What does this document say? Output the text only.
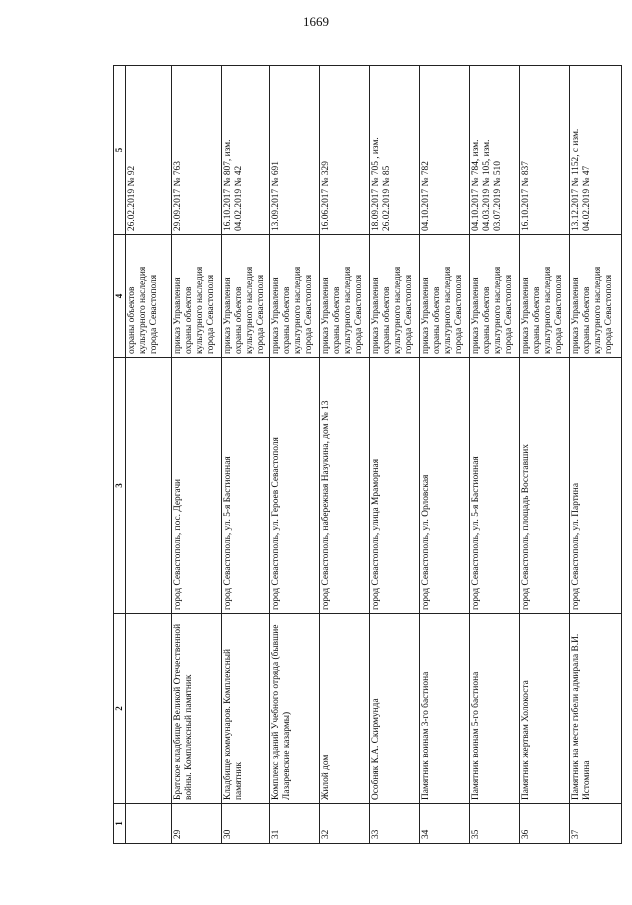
1669
1	2	3	4	5
			охраны объектов
культурного наследия
города Севастополя	26.02.2019 № 92
29	Братское кладбище Великой Отечественной войны. Комплексный памятник	город Севастополь, пос. Дергачи	приказ Управления
охраны объектов
культурного наследия
города Севастополя	29.09.2017 № 763
30	Кладбище коммунаров. Комплексный памятник	город Севастополь, ул. 5-я Бастионная	приказ Управления
охраны объектов
культурного наследия
города Севастополя	16.10.2017 № 807, изм.
04.02.2019 № 42
31	Комплекс зданий Учебного отряда (бывшие Лазаревские казармы)	город Севастополь, ул. Героев Севастополя	приказ Управления
охраны объектов
культурного наследия
города Севастополя	13.09.2017 № 691
32	Жилой дом	город Севастополь, набережная Назукина, дом № 13	приказ Управления
охраны объектов
культурного наследия
города Севастополя	16.06.2017 № 329
33	Особняк К.А. Скирмунда	город Севастополь, улица Мраморная	приказ Управления
охраны объектов
культурного наследия
города Севастополя	18.09.2017 № 705 , изм.
26.02.2019 № 85
34	Памятник воинам 3-го бастиона	город Севастополь, ул. Орловская	приказ Управления
охраны объектов
культурного наследия
города Севастополя	04.10.2017 № 782
35	Памятник воинам 5-го бастиона	город Севастополь, ул. 5-я Бастионная	приказ Управления
охраны объектов
культурного наследия
города Севастополя	04.10.2017 № 784, изм.
04.03.2019 № 105, изм.
03.07.2019 № 510
36	Памятник жертвам Холокоста	город Севастополь, площадь Восставших	приказ Управления
охраны объектов
культурного наследия
города Севастополя	16.10.2017 № 837
37	Памятник на месте гибели адмирала В.И. Истомина	город Севастополь, ул. Партина	приказ Управления
охраны объектов
культурного наследия
города Севастополя	13.12.2017 № 1152, с изм.
04.02.2019 № 47
